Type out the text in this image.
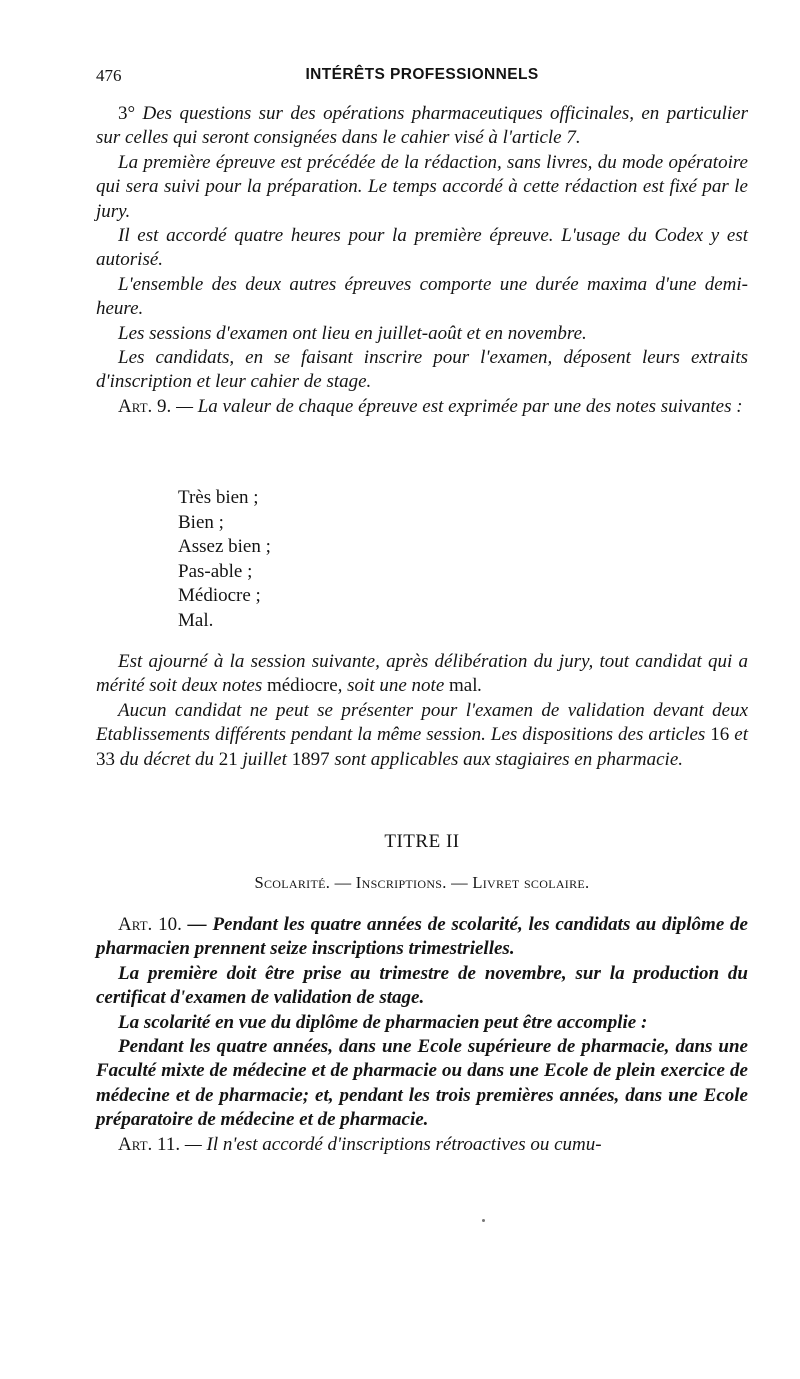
476	INTÉRÊTS PROFESSIONNELS

3° Des questions sur des opérations pharmaceutiques officinales, en particulier sur celles qui seront consignées dans le cahier visé à l'article 7.

La première épreuve est précédée de la rédaction, sans livres, du mode opératoire qui sera suivi pour la préparation. Le temps accordé à cette rédaction est fixé par le jury.

Il est accordé quatre heures pour la première épreuve. L'usage du Codex y est autorisé.

L'ensemble des deux autres épreuves comporte une durée maxima d'une demi-heure.

Les sessions d'examen ont lieu en juillet-août et en novembre.

Les candidats, en se faisant inscrire pour l'examen, déposent leurs extraits d'inscription et leur cahier de stage.

Art. 9. — La valeur de chaque épreuve est exprimée par une des notes suivantes :

Très bien ;
Bien ;
Assez bien ;
Pas‑able ;
Médiocre ;
Mal.

Est ajourné à la session suivante, après délibération du jury, tout candidat qui a mérité soit deux notes médiocre, soit une note mal.

Aucun candidat ne peut se présenter pour l'examen de validation devant deux Etablissements différents pendant la même session. Les dispositions des articles 16 et 33 du décret du 21 juillet 1897 sont applicables aux stagiaires en pharmacie.

TITRE II
Scolarité. — Inscriptions. — Livret scolaire.

Art. 10. — Pendant les quatre années de scolarité, les candidats au diplôme de pharmacien prennent seize inscriptions trimestrielles.

La première doit être prise au trimestre de novembre, sur la production du certificat d'examen de validation de stage.

La scolarité en vue du diplôme de pharmacien peut être accomplie :

Pendant les quatre années, dans une Ecole supérieure de pharmacie, dans une Faculté mixte de médecine et de pharmacie ou dans une Ecole de plein exercice de médecine et de pharmacie; et, pendant les trois premières années, dans une Ecole préparatoire de médecine et de pharmacie.

Art. 11. — Il n'est accordé d'inscriptions rétroactives ou cumu-
